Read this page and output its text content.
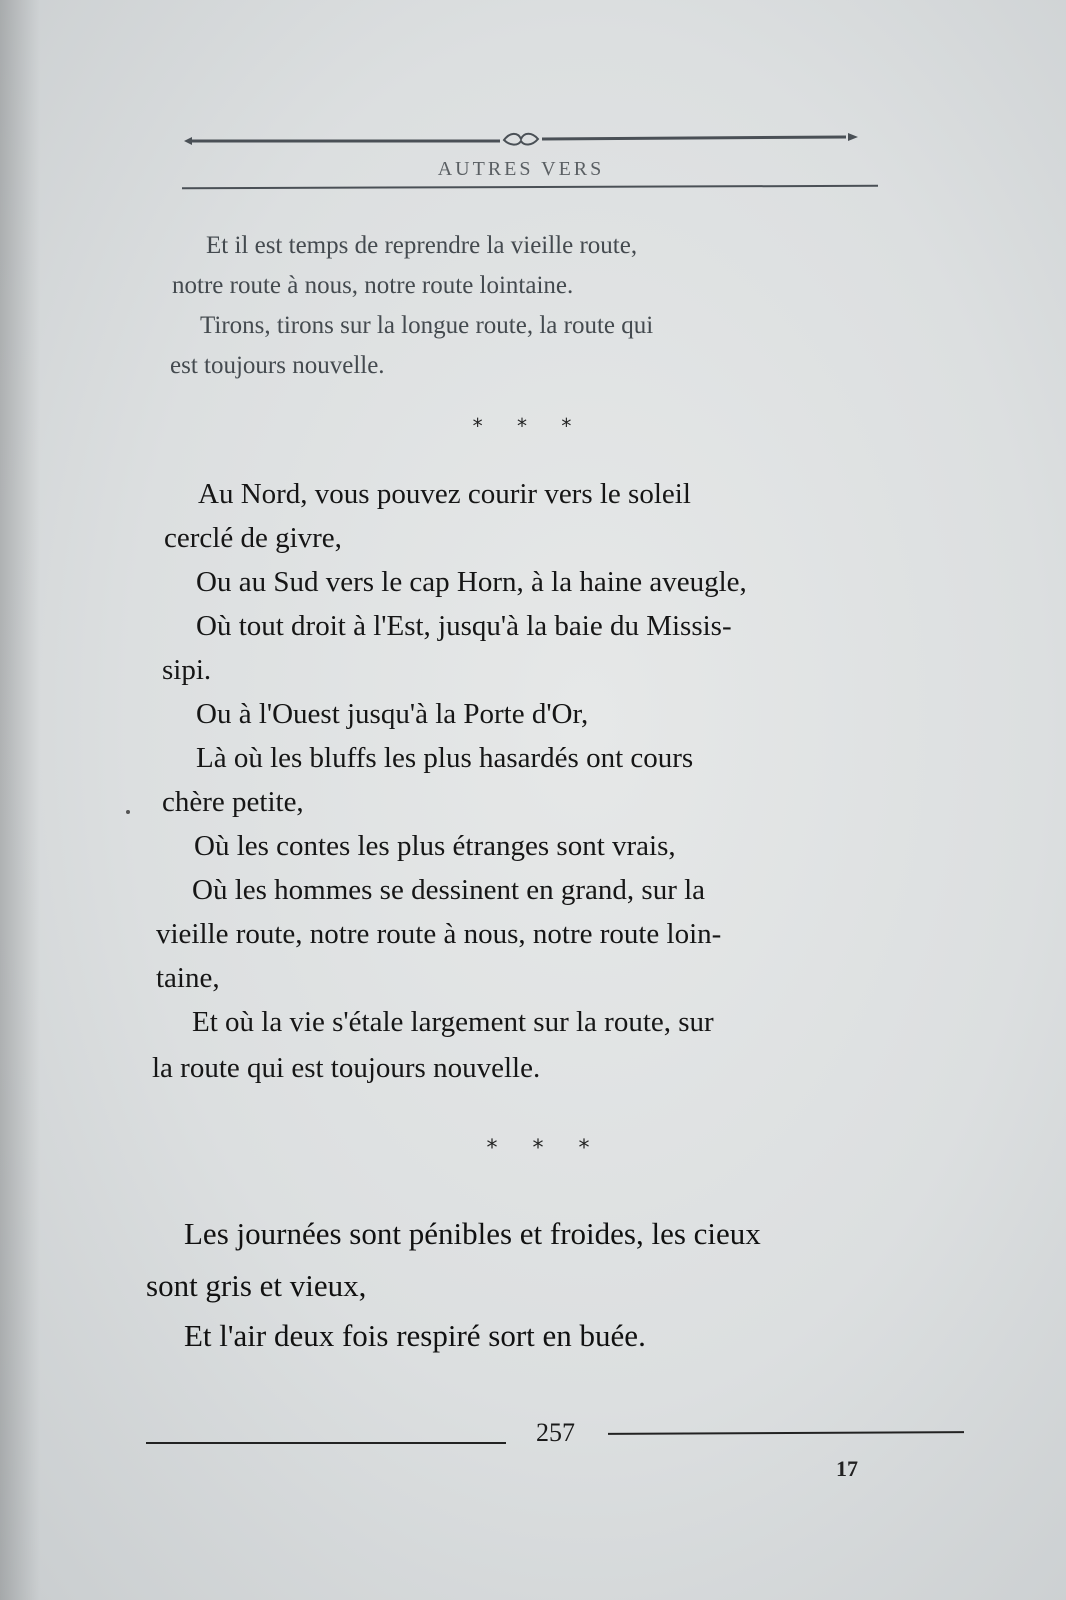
AUTRES VERS

Et il est temps de reprendre la vieille route,

notre route à nous, notre route lointaine.

Tirons, tirons sur la longue route, la route qui

est toujours nouvelle.

* * *

Au Nord, vous pouvez courir vers le soleil

cerclé de givre,

Ou au Sud vers le cap Horn, à la haine aveugle,

Où tout droit à l'Est, jusqu'à la baie du Missis-

sipi.

Ou à l'Ouest jusqu'à la Porte d'Or,

Là où les bluffs les plus hasardés ont cours

chère petite,

Où les contes les plus étranges sont vrais,

Où les hommes se dessinent en grand, sur la

vieille route, notre route à nous, notre route loin-

taine,

Et où la vie s'étale largement sur la route, sur

la route qui est toujours nouvelle.

* * *

Les journées sont pénibles et froides, les cieux

sont gris et vieux,

Et l'air deux fois respiré sort en buée.

257
17
